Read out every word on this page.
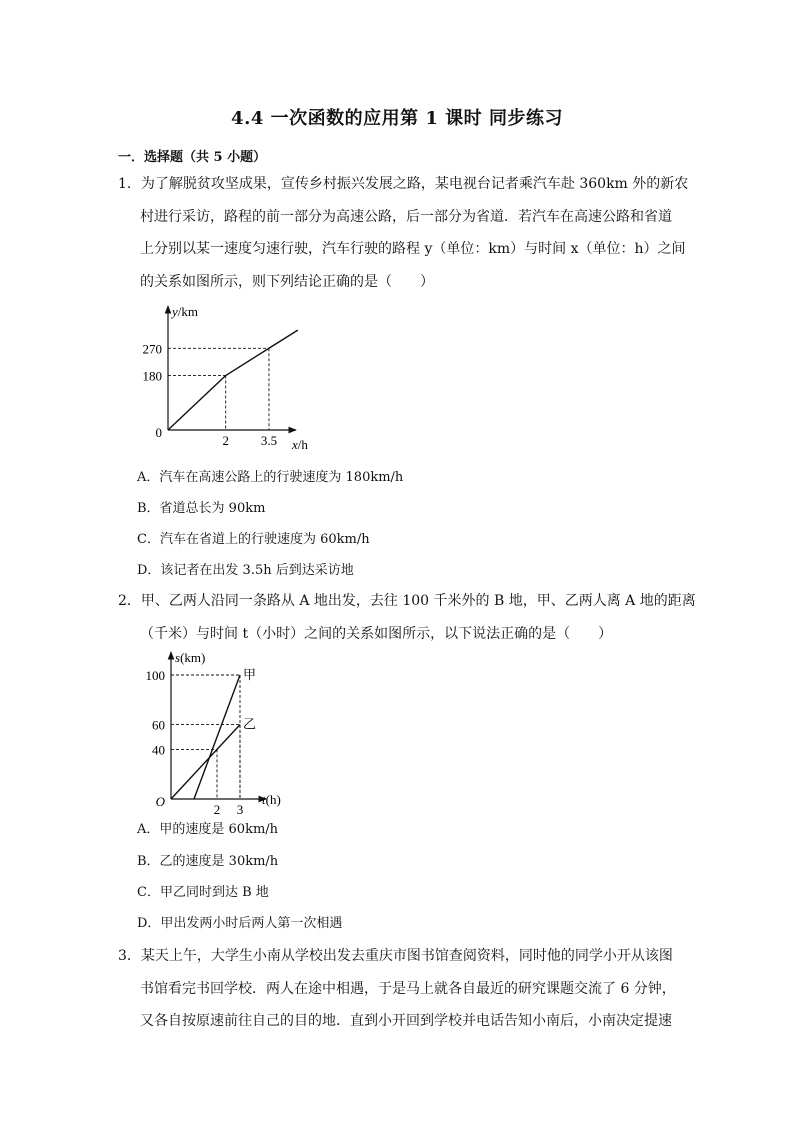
4.4 一次函数的应用第 1 课时 同步练习
一．选择题（共 5 小题）
1．为了解脱贫攻坚成果，宣传乡村振兴发展之路，某电视台记者乘汽车赴 360km 外的新农
村进行采访，路程的前一部分为高速公路，后一部分为省道．若汽车在高速公路和省道
上分别以某一速度匀速行驶，汽车行驶的路程 y（单位：km）与时间 x（单位：h）之间
的关系如图所示，则下列结论正确的是（　　）
2 3.5
180
270
0
x/h
y/km
A．汽车在高速公路上的行驶速度为 180km/h
B．省道总长为 90km
C．汽车在省道上的行驶速度为 60km/h
D．该记者在出发 3.5h 后到达采访地
2．甲、乙两人沿同一条路从 A 地出发，去往 100 千米外的 B 地，甲、乙两人离 A 地的距离
（千米）与时间 t（小时）之间的关系如图所示，以下说法正确的是（　　）
甲
乙
2 3
40
60
100
O	t(h)
s(km)
A．甲的速度是 60km/h
B．乙的速度是 30km/h
C．甲乙同时到达 B 地
D．甲出发两小时后两人第一次相遇
3．某天上午，大学生小南从学校出发去重庆市图书馆查阅资料，同时他的同学小开从该图
书馆看完书回学校．两人在途中相遇，于是马上就各自最近的研究课题交流了 6 分钟，
又各自按原速前往自己的目的地．直到小开回到学校并电话告知小南后，小南决定提速
